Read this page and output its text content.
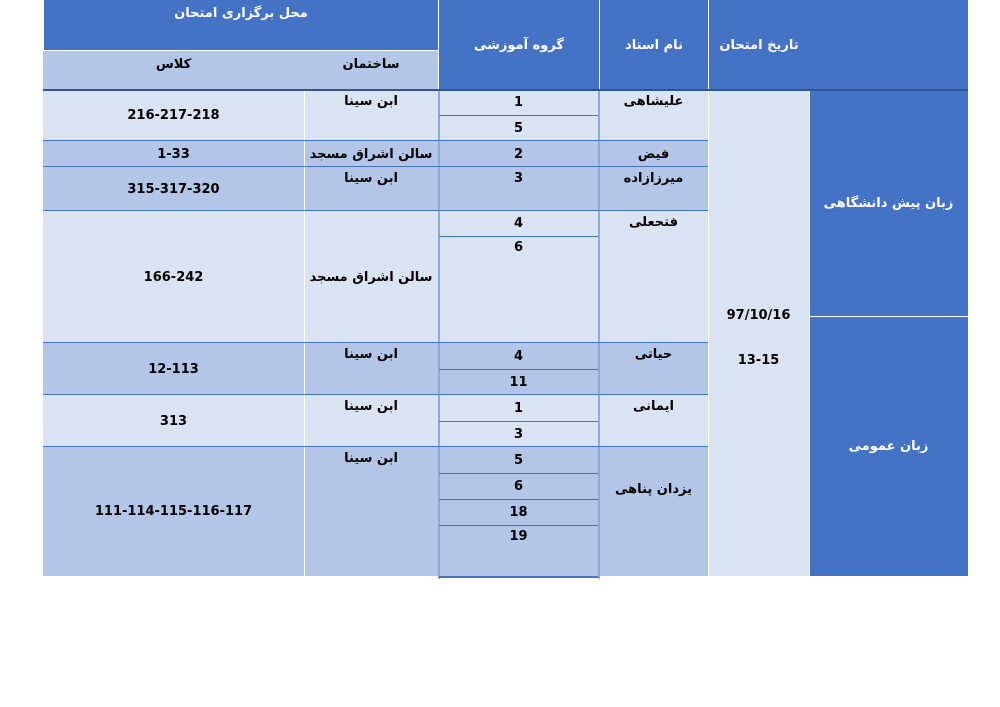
تاریخ امتحان
نام استاد
گروه آموزشی
محل برگزاری امتحان
ساختمان
کلاس
زبان پیش دانشگاهی
زبان عمومی
97/10/16
13-15
علیشاهی
1
5
ابن سینا
216-217-218
فیض
2
سالن اشراق مسجد
1-33
میرزازاده
3
ابن سینا
315-317-320
فتحعلی
4
6
سالن اشراق مسجد
166-242
حیاتی
4
11
ابن سینا
12-113
ایمانی
1
3
ابن سینا
313
یزدان پناهی
5
6
18
19
ابن سینا
111-114-115-116-117
